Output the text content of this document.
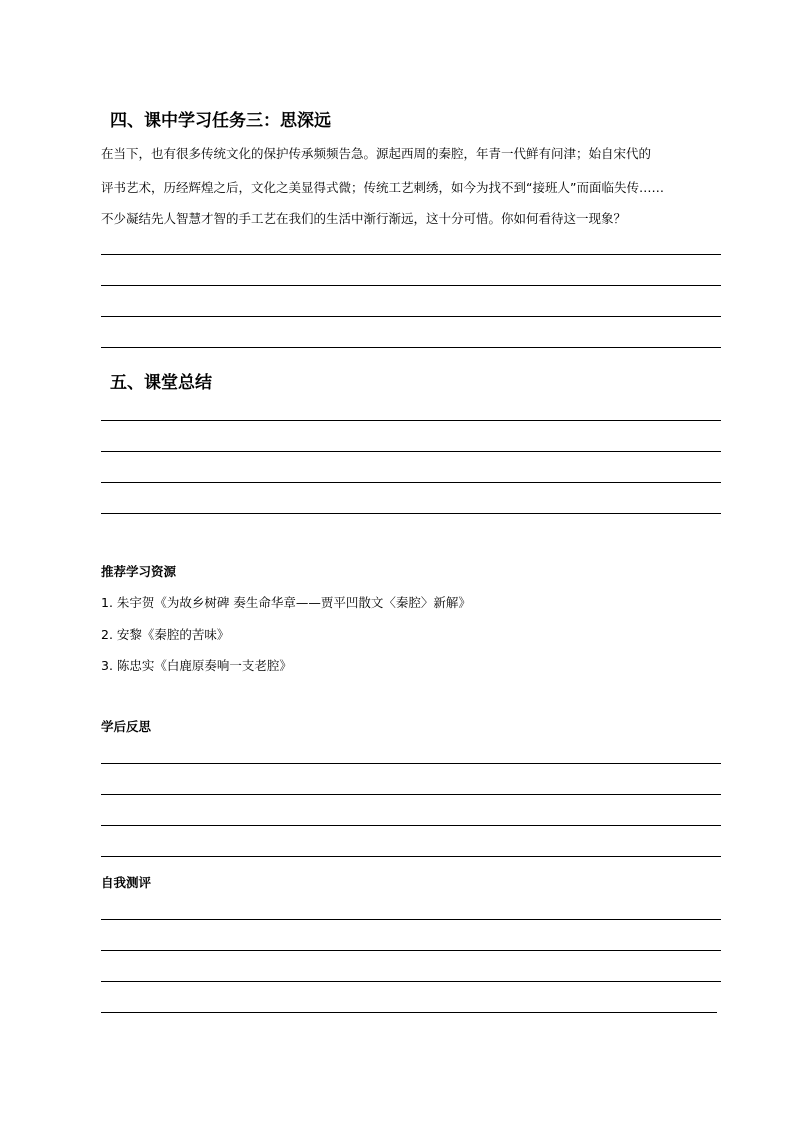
四、课中学习任务三：思深远
在当下，也有很多传统文化的保护传承频频告急。源起西周的秦腔，年青一代鲜有问津；始自宋代的
评书艺术，历经辉煌之后，文化之美显得式微；传统工艺刺绣，如今为找不到“接班人”而面临失传……
不少凝结先人智慧才智的手工艺在我们的生活中渐行渐远，这十分可惜。你如何看待这一现象？
五、课堂总结
推荐学习资源
1. 朱宇贺《为故乡树碑 奏生命华章——贾平凹散文〈秦腔〉新解》
2. 安黎《秦腔的苦味》
3. 陈忠实《白鹿原奏响一支老腔》
学后反思
自我测评
